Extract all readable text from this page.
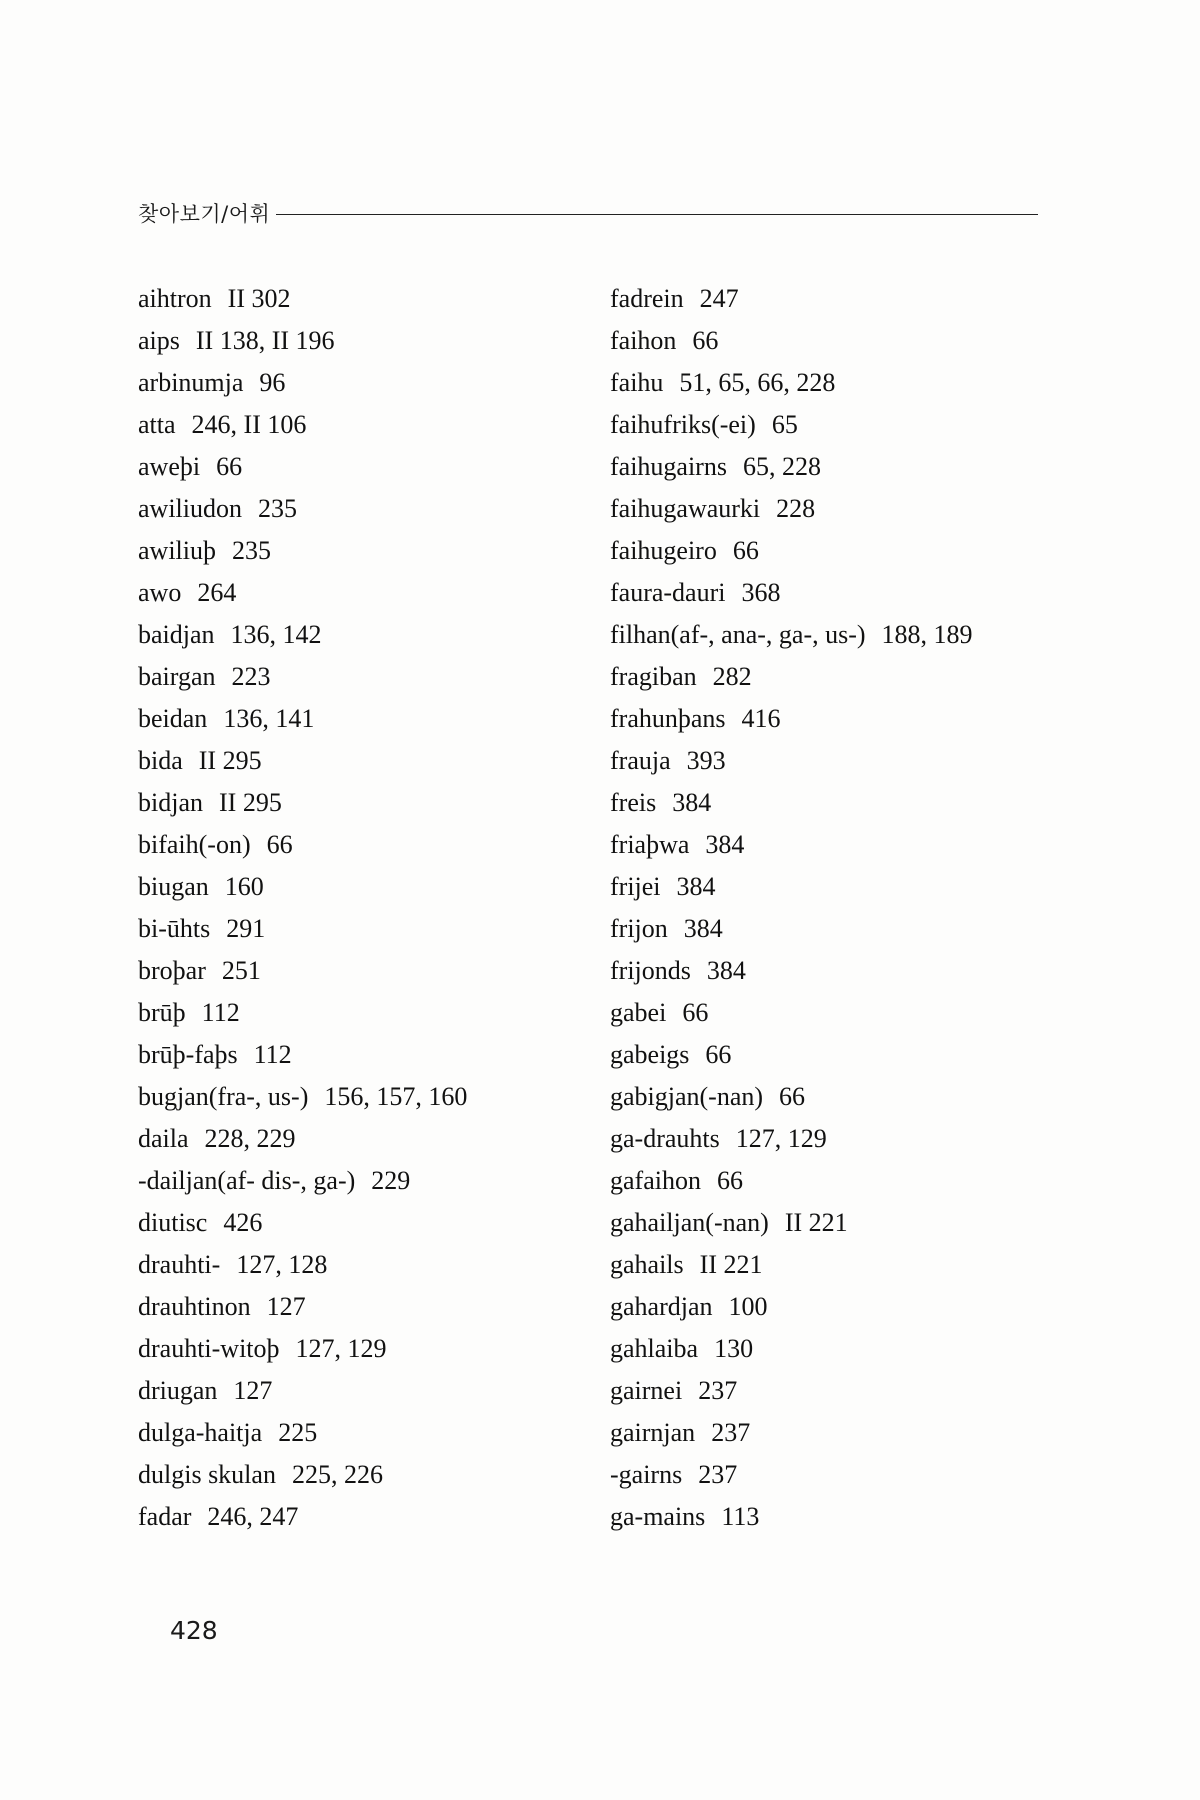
찾아보기/어휘
aihtron II 302
aips II 138, II 196
arbinumja 96
atta 246, II 106
aweþi 66
awiliudon 235
awiliuþ 235
awo 264
baidjan 136, 142
bairgan 223
beidan 136, 141
bida II 295
bidjan II 295
bifaih(-on) 66
biugan 160
bi-ūhts 291
broþar 251
brūþ 112
brūþ-faþs 112
bugjan(fra-, us-) 156, 157, 160
daila 228, 229
-dailjan(af- dis-, ga-) 229
diutisc 426
drauhti- 127, 128
drauhtinon 127
drauhti-witoþ 127, 129
driugan 127
dulga-haitja 225
dulgis skulan 225, 226
fadar 246, 247
fadrein 247
faihon 66
faihu 51, 65, 66, 228
faihufriks(-ei) 65
faihugairns 65, 228
faihugawaurki 228
faihugeiro 66
faura-dauri 368
filhan(af-, ana-, ga-, us-) 188, 189
fragiban 282
frahunþans 416
frauja 393
freis 384
friaþwa 384
frijei 384
frijon 384
frijonds 384
gabei 66
gabeigs 66
gabigjan(-nan) 66
ga-drauhts 127, 129
gafaihon 66
gahailjan(-nan) II 221
gahails II 221
gahardjan 100
gahlaiba 130
gairnei 237
gairnjan 237
-gairns 237
ga-mains 113
428
